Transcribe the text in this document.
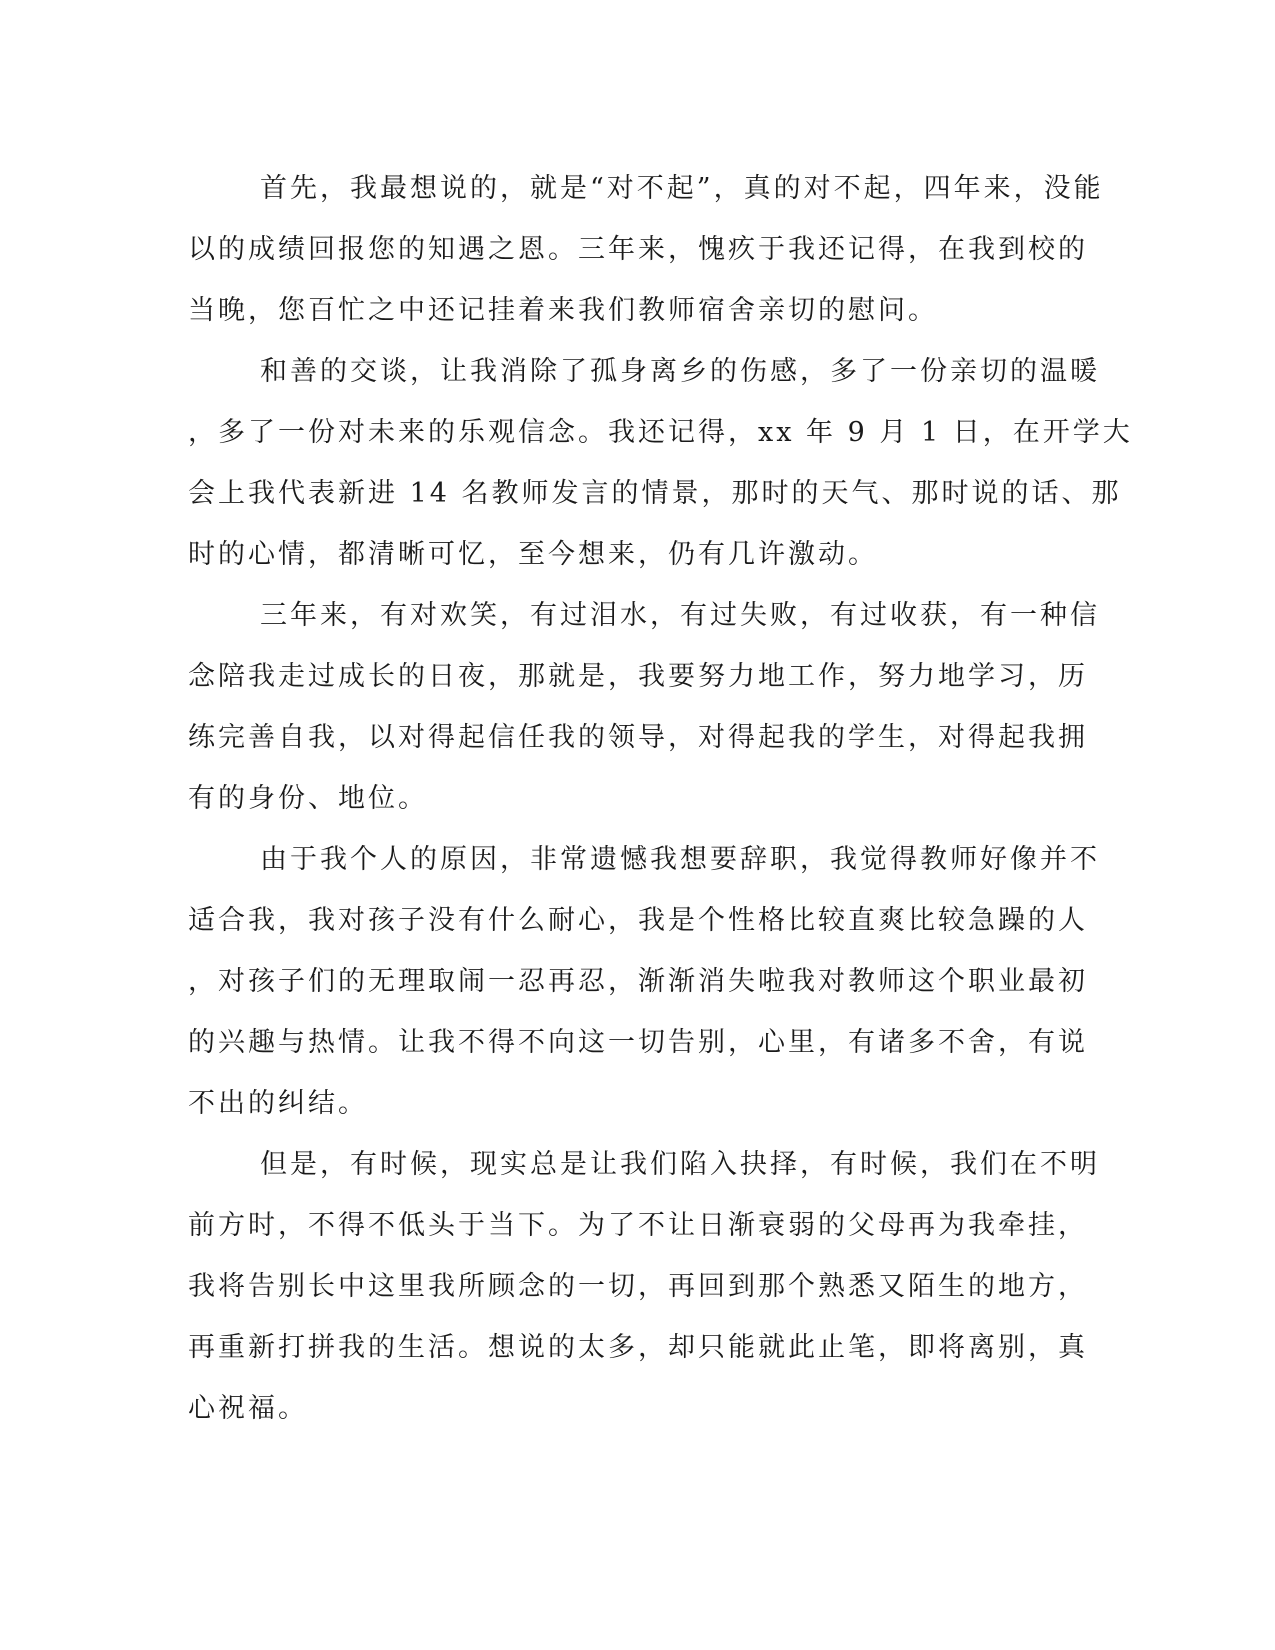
首先，我最想说的，就是“对不起”，真的对不起，四年来，没能
以的成绩回报您的知遇之恩。三年来，愧疚于我还记得，在我到校的
当晚，您百忙之中还记挂着来我们教师宿舍亲切的慰问。
和善的交谈，让我消除了孤身离乡的伤感，多了一份亲切的温暖
，多了一份对未来的乐观信念。我还记得，xx 年 9 月 1 日，在开学大
会上我代表新进 14 名教师发言的情景，那时的天气、那时说的话、那
时的心情，都清晰可忆，至今想来，仍有几许激动。
三年来，有对欢笑，有过泪水，有过失败，有过收获，有一种信
念陪我走过成长的日夜，那就是，我要努力地工作，努力地学习，历
练完善自我，以对得起信任我的领导，对得起我的学生，对得起我拥
有的身份、地位。
由于我个人的原因，非常遗憾我想要辞职，我觉得教师好像并不
适合我，我对孩子没有什么耐心，我是个性格比较直爽比较急躁的人
，对孩子们的无理取闹一忍再忍，渐渐消失啦我对教师这个职业最初
的兴趣与热情。让我不得不向这一切告别，心里，有诸多不舍，有说
不出的纠结。
但是，有时候，现实总是让我们陷入抉择，有时候，我们在不明
前方时，不得不低头于当下。为了不让日渐衰弱的父母再为我牵挂，
我将告别长中这里我所顾念的一切，再回到那个熟悉又陌生的地方，
再重新打拼我的生活。想说的太多，却只能就此止笔，即将离别，真
心祝福。
